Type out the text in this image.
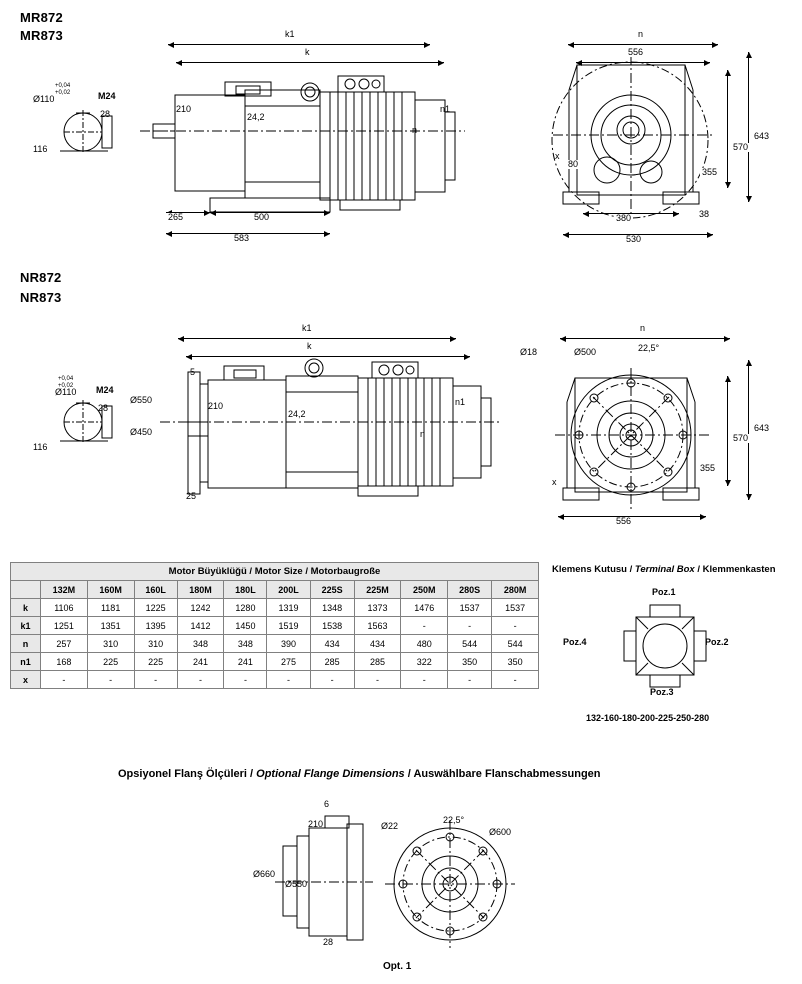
MR872
MR873
Ø110
+0,04
+0,02	M24
28
116
k1
k
210
24,2
n
n1
265	500
583
n
556
643
570
355
x
80
380	38
530
NR872
NR873
Ø110
+0,04
+0,02	M24
28
116
k1
k
5
Ø550
Ø450
210
24,2
n
n1
25
n
Ø18	Ø500	22,5°
643
570
355
x
556
Motor Büyüklüğü / Motor Size / Motorbaugroße											
	132M	160M	160L	180M	180L	200L	225S	225M	250M	280S	280M
k	1106	1181	1225	1242	1280	1319	1348	1373	1476	1537	1537
k1	1251	1351	1395	1412	1450	1519	1538	1563	-	-	-
n	257	310	310	348	348	390	434	434	480	544	544
n1	168	225	225	241	241	275	285	285	322	350	350
x	-	-	-	-	-	-	-	-	-	-	-
Klemens Kutusu / Terminal Box / Klemmenkasten
Poz.1
Poz.2
Poz.3
Poz.4
132-160-180-200-225-250-280
Opsiyonel Flanş Ölçüleri / Optional Flange Dimensions / Auswählbare Flanschabmessungen
6
210
Ø660
Ø550
28
Ø22
22,5°
Ø600
Opt. 1
